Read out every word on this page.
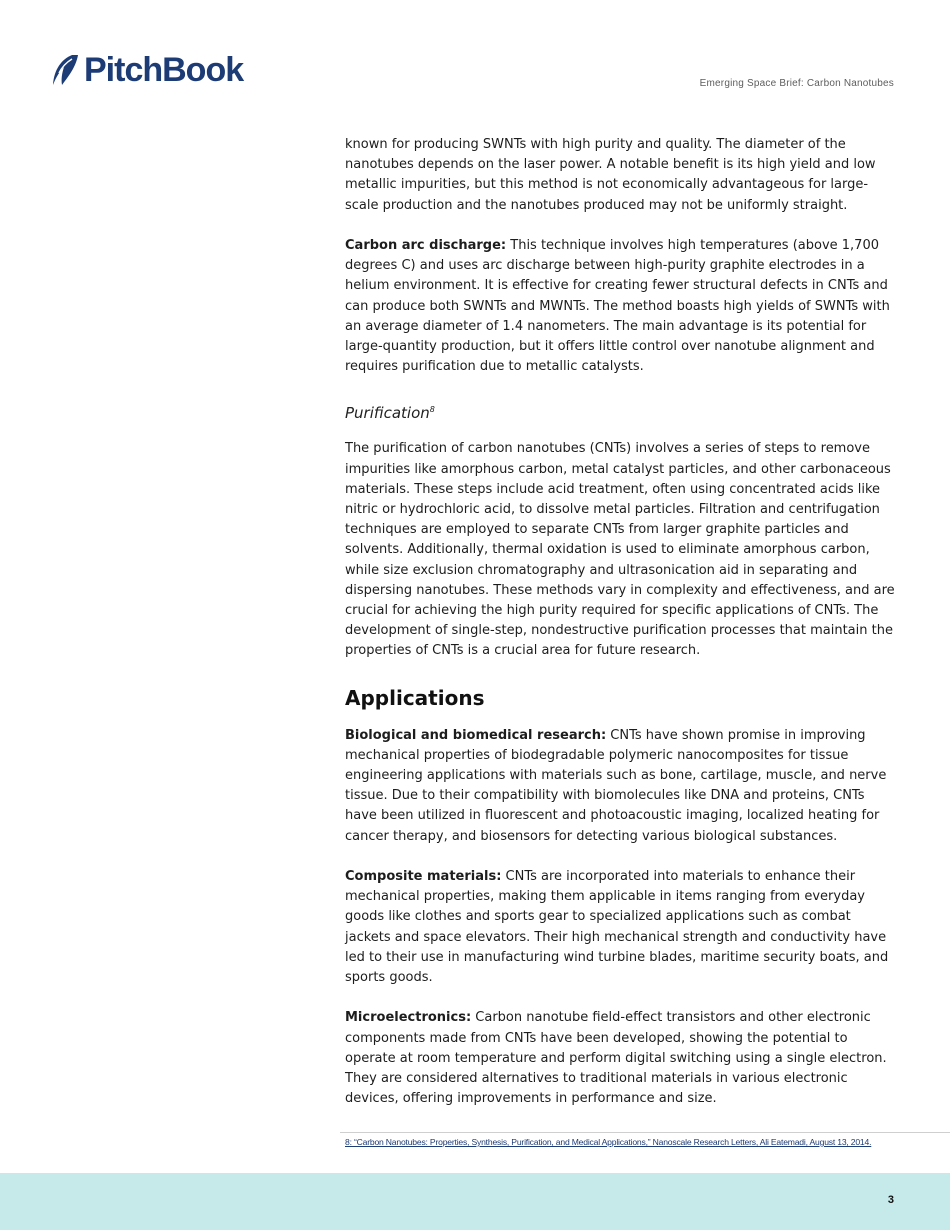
PitchBook	Emerging Space Brief: Carbon Nanotubes

known for producing SWNTs with high purity and quality. The diameter of the nanotubes depends on the laser power. A notable benefit is its high yield and low metallic impurities, but this method is not economically advantageous for large-scale production and the nanotubes produced may not be uniformly straight.

Carbon arc discharge: This technique involves high temperatures (above 1,700 degrees C) and uses arc discharge between high-purity graphite electrodes in a helium environment. It is effective for creating fewer structural defects in CNTs and can produce both SWNTs and MWNTs. The method boasts high yields of SWNTs with an average diameter of 1.4 nanometers. The main advantage is its potential for large-quantity production, but it offers little control over nanotube alignment and requires purification due to metallic catalysts.

Purification$^8$

The purification of carbon nanotubes (CNTs) involves a series of steps to remove impurities like amorphous carbon, metal catalyst particles, and other carbonaceous materials. These steps include acid treatment, often using concentrated acids like nitric or hydrochloric acid, to dissolve metal particles. Filtration and centrifugation techniques are employed to separate CNTs from larger graphite particles and solvents. Additionally, thermal oxidation is used to eliminate amorphous carbon, while size exclusion chromatography and ultrasonication aid in separating and dispersing nanotubes. These methods vary in complexity and effectiveness, and are crucial for achieving the high purity required for specific applications of CNTs. The development of single-step, nondestructive purification processes that maintain the properties of CNTs is a crucial area for future research.

Applications

Biological and biomedical research: CNTs have shown promise in improving mechanical properties of biodegradable polymeric nanocomposites for tissue engineering applications with materials such as bone, cartilage, muscle, and nerve tissue. Due to their compatibility with biomolecules like DNA and proteins, CNTs have been utilized in fluorescent and photoacoustic imaging, localized heating for cancer therapy, and biosensors for detecting various biological substances.

Composite materials: CNTs are incorporated into materials to enhance their mechanical properties, making them applicable in items ranging from everyday goods like clothes and sports gear to specialized applications such as combat jackets and space elevators. Their high mechanical strength and conductivity have led to their use in manufacturing wind turbine blades, maritime security boats, and sports goods.

Microelectronics: Carbon nanotube field-effect transistors and other electronic components made from CNTs have been developed, showing the potential to operate at room temperature and perform digital switching using a single electron. They are considered alternatives to traditional materials in various electronic devices, offering improvements in performance and size.

8: “Carbon Nanotubes: Properties, Synthesis, Purification, and Medical Applications,” Nanoscale Research Letters, Ali Eatemadi, August 13, 2014.
3
